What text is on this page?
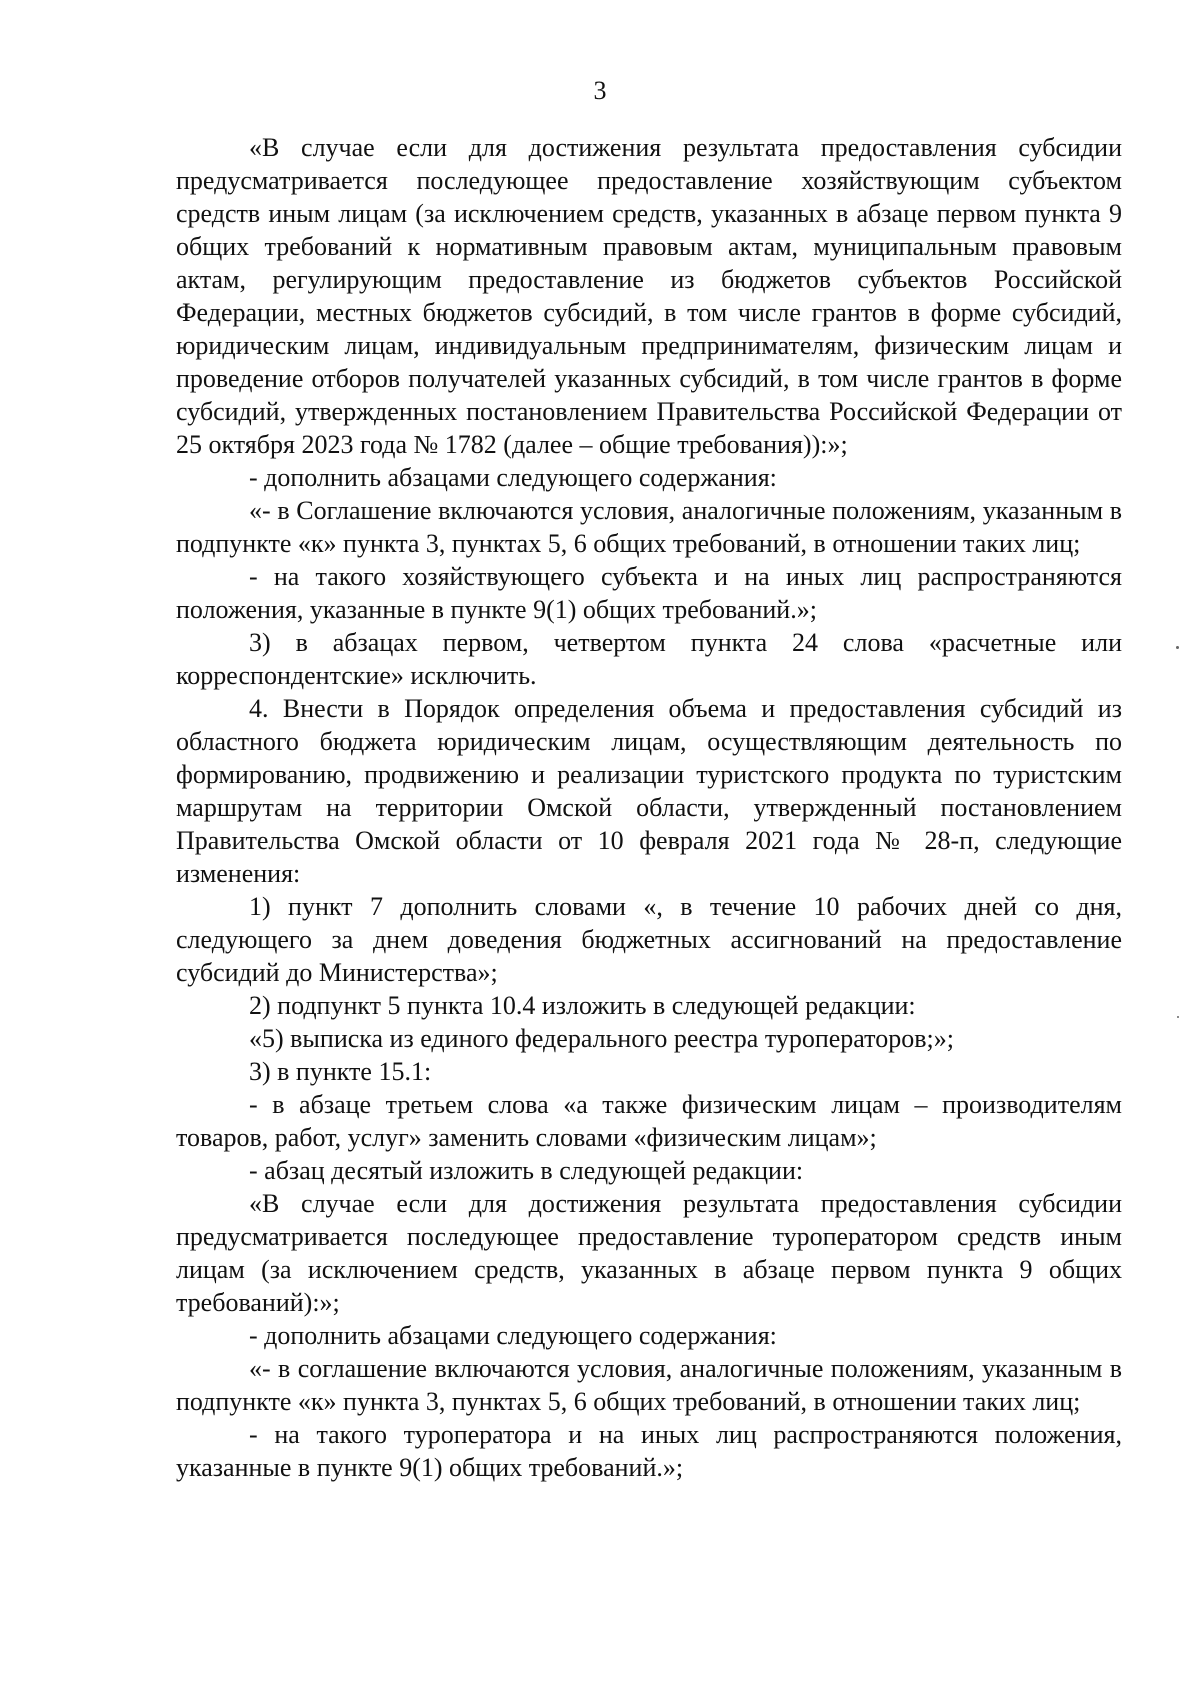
3

«В случае если для достижения результата предоставления субсидии предусматривается последующее предоставление хозяйствующим субъектом средств иным лицам (за исключением средств, указанных в абзаце первом пункта 9 общих требований к нормативным правовым актам, муниципальным правовым актам, регулирующим предоставление из бюджетов субъектов Российской Федерации, местных бюджетов субсидий, в том числе грантов в форме субсидий, юридическим лицам, индивидуальным предпринимателям, физическим лицам и проведение отборов получателей указанных субсидий, в том числе грантов в форме субсидий, утвержденных постановлением Правительства Российской Федерации от 25 октября 2023 года № 1782 (далее – общие требования)):»;

- дополнить абзацами следующего содержания:

«- в Соглашение включаются условия, аналогичные положениям, указанным в подпункте «к» пункта 3, пунктах 5, 6 общих требований, в отношении таких лиц;

- на такого хозяйствующего субъекта и на иных лиц распространяются положения, указанные в пункте 9(1) общих требований.»;

3) в абзацах первом, четвертом пункта 24 слова «расчетные или корреспондентские» исключить.

4. Внести в Порядок определения объема и предоставления субсидий из областного бюджета юридическим лицам, осуществляющим деятельность по формированию, продвижению и реализации туристского продукта по туристским маршрутам на территории Омской области, утвержденный постановлением Правительства Омской области от 10 февраля 2021 года № 28-п, следующие изменения:

1) пункт 7 дополнить словами «, в течение 10 рабочих дней со дня, следующего за днем доведения бюджетных ассигнований на предоставление субсидий до Министерства»;

2) подпункт 5 пункта 10.4 изложить в следующей редакции:

«5) выписка из единого федерального реестра туроператоров;»;

3) в пункте 15.1:

- в абзаце третьем слова «а также физическим лицам – производителям товаров, работ, услуг» заменить словами «физическим лицам»;

- абзац десятый изложить в следующей редакции:

«В случае если для достижения результата предоставления субсидии предусматривается последующее предоставление туроператором средств иным лицам (за исключением средств, указанных в абзаце первом пункта 9 общих требований):»;

- дополнить абзацами следующего содержания:

«- в соглашение включаются условия, аналогичные положениям, указанным в подпункте «к» пункта 3, пунктах 5, 6 общих требований, в отношении таких лиц;

- на такого туроператора и на иных лиц распространяются положения, указанные в пункте 9(1) общих требований.»;
